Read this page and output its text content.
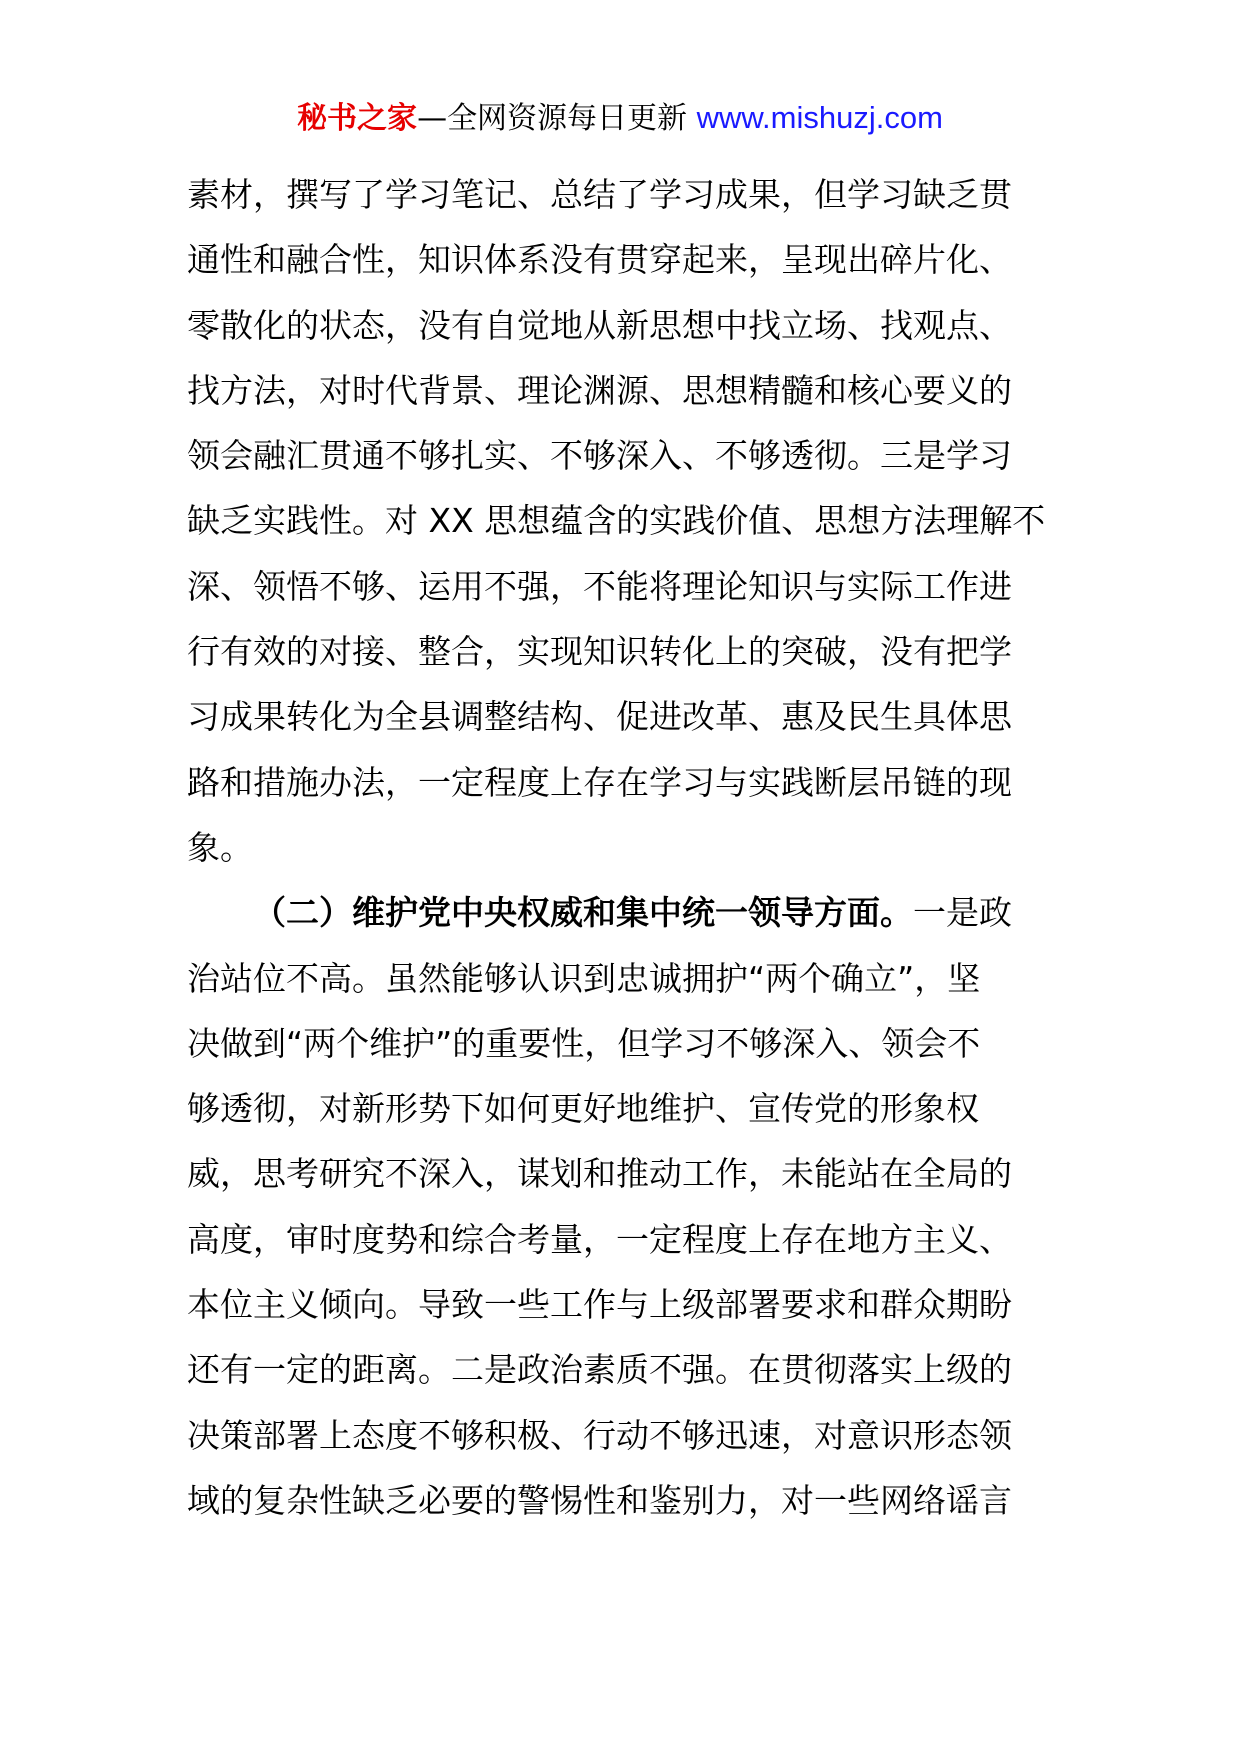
秘书之家—全网资源每日更新 www.mishuzj.com
素材，撰写了学习笔记、总结了学习成果，但学习缺乏贯
通性和融合性，知识体系没有贯穿起来，呈现出碎片化、
零散化的状态，没有自觉地从新思想中找立场、找观点、
找方法，对时代背景、理论渊源、思想精髓和核心要义的
领会融汇贯通不够扎实、不够深入、不够透彻。三是学习
缺乏实践性。对 XX 思想蕴含的实践价值、思想方法理解不
深、领悟不够、运用不强，不能将理论知识与实际工作进
行有效的对接、整合，实现知识转化上的突破，没有把学
习成果转化为全县调整结构、促进改革、惠及民生具体思
路和措施办法，一定程度上存在学习与实践断层吊链的现
象。
（二）维护党中央权威和集中统一领导方面。一是政
治站位不高。虽然能够认识到忠诚拥护“两个确立”，坚
决做到“两个维护”的重要性，但学习不够深入、领会不
够透彻，对新形势下如何更好地维护、宣传党的形象权
威，思考研究不深入，谋划和推动工作，未能站在全局的
高度，审时度势和综合考量，一定程度上存在地方主义、
本位主义倾向。导致一些工作与上级部署要求和群众期盼
还有一定的距离。二是政治素质不强。在贯彻落实上级的
决策部署上态度不够积极、行动不够迅速，对意识形态领
域的复杂性缺乏必要的警惕性和鉴别力，对一些网络谣言
